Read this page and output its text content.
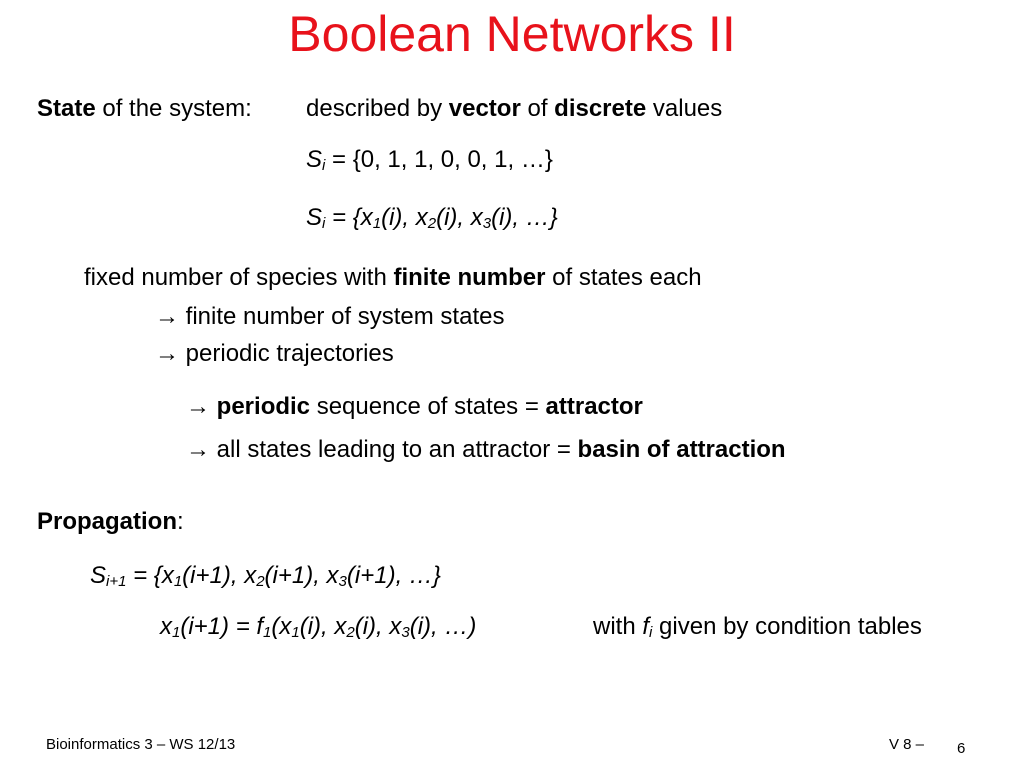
Boolean Networks II
State of the system: described by vector of discrete values
$S_i = \{0$, 1, 1, 0, 0, 1, …}
$S_i = \{x_1(i)$, $x_2(i)$, $x_3(i)$, …}
fixed number of species with finite number of states each
→ finite number of system states
→ periodic trajectories
→ periodic sequence of states = attractor
→ all states leading to an attractor = basin of attraction
Propagation:
$S_{i+1} = \{x_1(i+1)$, $x_2(i+1)$, $x_3(i+1)$, …}
$x_1(i+1) = f_1(x_1(i)$, $x_2(i)$, $x_3(i)$, …)	with $f_i$ given by condition tables
Bioinformatics 3 – WS 12/13	V 8 – 6
